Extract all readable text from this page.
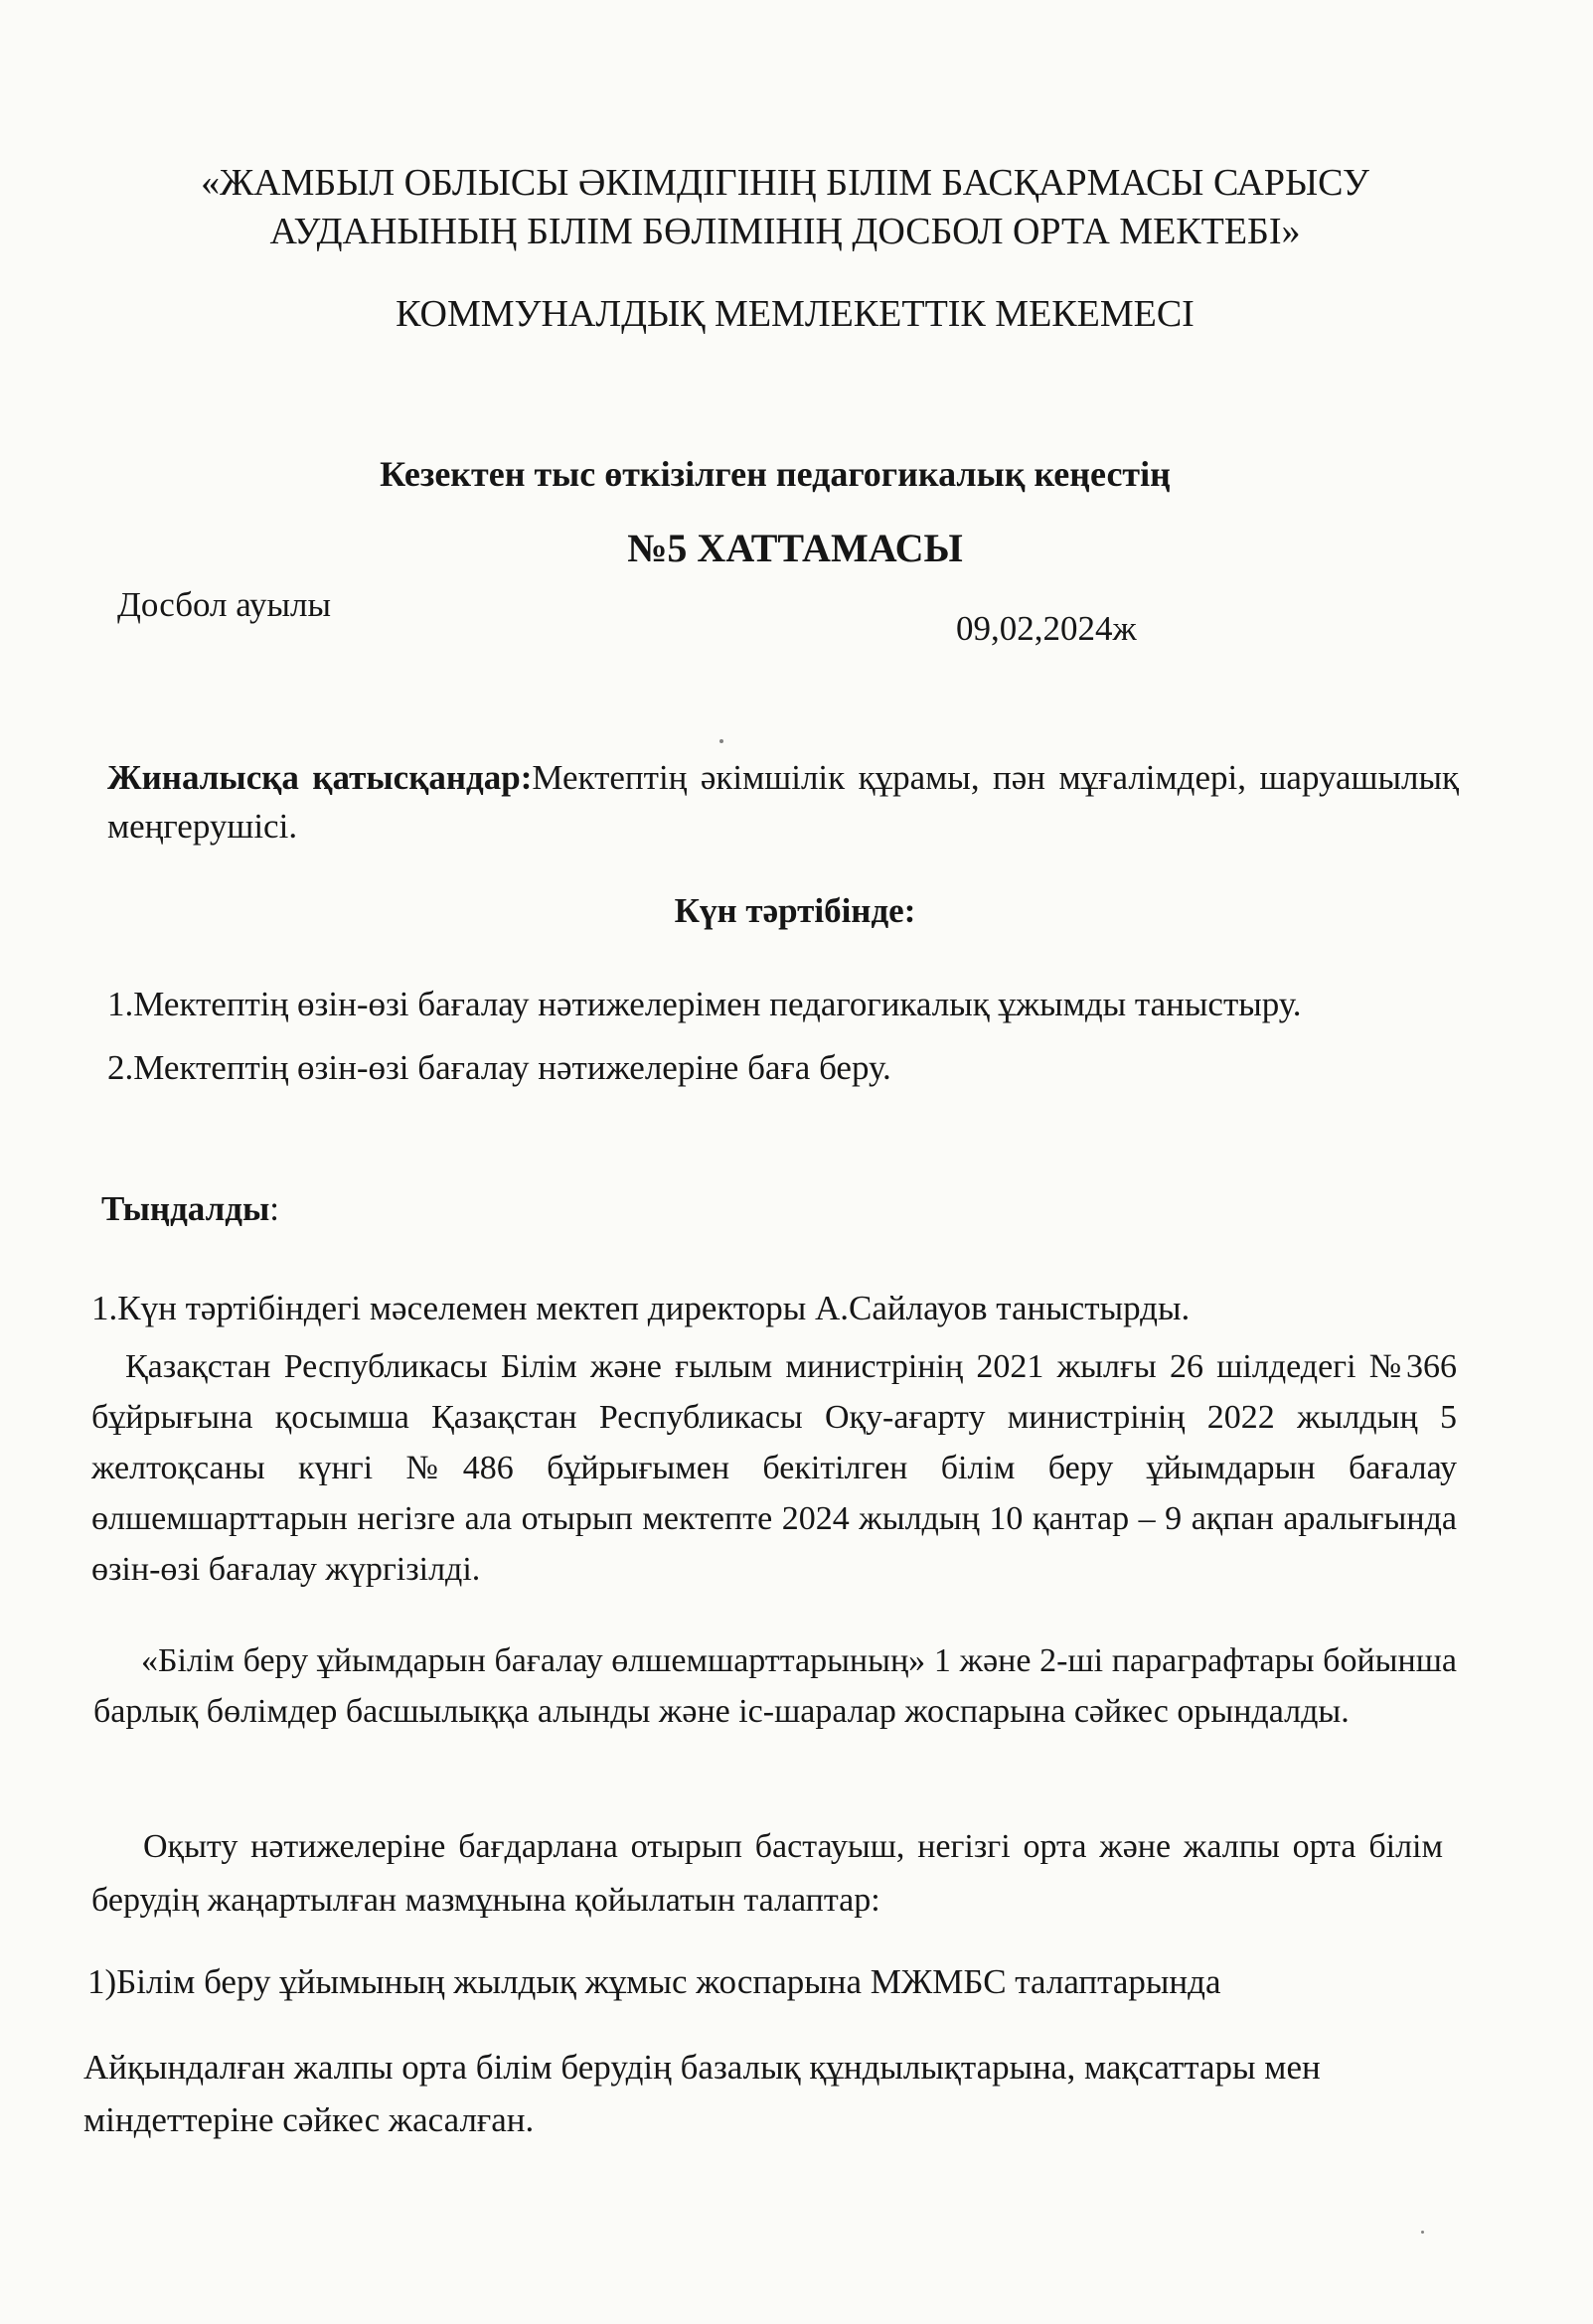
«ЖАМБЫЛ ОБЛЫСЫ ӘКІМДІГІНІҢ БІЛІМ БАСҚАРМАСЫ САРЫСУ
АУДАНЫНЫҢ БІЛІМ БӨЛІМІНІҢ ДОСБОЛ ОРТА МЕКТЕБІ»
КОММУНАЛДЫҚ МЕМЛЕКЕТТІК МЕКЕМЕСІ
Кезектен тыс өткізілген педагогикалық кеңестің
№5 ХАТТАМАСЫ
Досбол ауылы
09,02,2024ж
Жиналысқа қатысқандар:Мектептің әкімшілік құрамы, пән мұғалімдері, шаруашылық меңгерушісі.
Күн тәртібінде:
1.Мектептің өзін-өзі бағалау нәтижелерімен педагогикалық ұжымды таныстыру.
2.Мектептің өзін-өзі бағалау нәтижелеріне баға беру.
Тыңдалды:
1.Күн тәртібіндегі мәселемен мектеп директоры А.Сайлауов таныстырды.
Қазақстан Республикасы Білім және ғылым министрінің 2021 жылғы 26 шілдедегі №366 бұйрығына қосымша Қазақстан Республикасы Оқу-ағарту министрінің 2022 жылдың 5 желтоқсаны күнгі №486 бұйрығымен бекітілген білім беру ұйымдарын бағалау өлшемшарттарын негізге ала отырып мектепте 2024 жылдың 10 қантар – 9 ақпан аралығында өзін-өзі бағалау жүргізілді.
«Білім беру ұйымдарын бағалау өлшемшарттарының» 1 және 2-ші параграфтары бойынша барлық бөлімдер басшылыққа алынды және іс-шаралар жоспарына сәйкес орындалды.
Оқыту нәтижелеріне бағдарлана отырып бастауыш, негізгі орта және жалпы орта білім берудің жаңартылған мазмұнына қойылатын талаптар:
1)Білім беру ұйымының жылдық жұмыс жоспарына МЖМБС талаптарында
Айқындалған жалпы орта білім берудің базалық құндылықтарына, мақсаттары мен міндеттеріне сәйкес жасалған.
